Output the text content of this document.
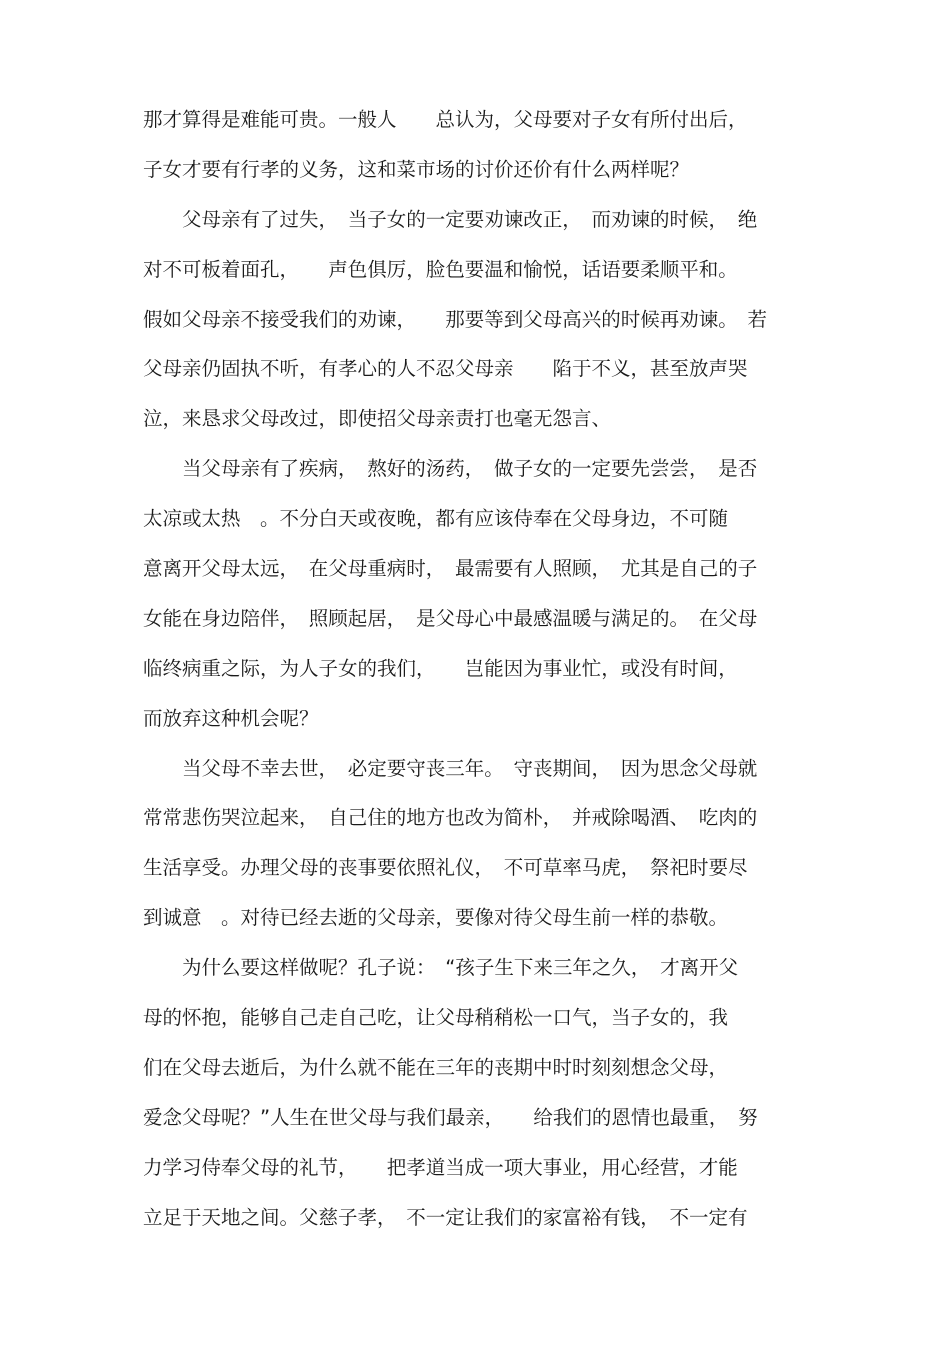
那才算得是难能可贵。一般人　　总认为，父母要对子女有所付出后，
子女才要有行孝的义务，这和菜市场的讨价还价有什么两样呢？
　　父母亲有了过失，　当子女的一定要劝谏改正，　而劝谏的时候，　绝
对不可板着面孔，　　声色俱厉，脸色要温和愉悦，话语要柔顺平和。
假如父母亲不接受我们的劝谏，　　那要等到父母高兴的时候再劝谏。　若
父母亲仍固执不听，有孝心的人不忍父母亲　　陷于不义，甚至放声哭
泣，来恳求父母改过，即使招父母亲责打也毫无怨言、
　　当父母亲有了疾病，　熬好的汤药，　做子女的一定要先尝尝，　是否
太凉或太热　。不分白天或夜晚，都有应该侍奉在父母身边，不可随
意离开父母太远，　在父母重病时，　最需要有人照顾，　尤其是自己的子
女能在身边陪伴，　照顾起居，　是父母心中最感温暖与满足的。　在父母
临终病重之际，为人子女的我们，　　岂能因为事业忙，或没有时间，
而放弃这种机会呢？
　　当父母不幸去世，　必定要守丧三年。　守丧期间，　因为思念父母就
常常悲伤哭泣起来，　自己住的地方也改为简朴，　并戒除喝酒、　吃肉的
生活享受。办理父母的丧事要依照礼仪，　不可草率马虎，　祭祀时要尽
到诚意　。对待已经去逝的父母亲，要像对待父母生前一样的恭敬。
　　为什么要这样做呢？孔子说：　“孩子生下来三年之久，　才离开父
母的怀抱，能够自己走自己吃，让父母稍稍松一口气，当子女的，我
们在父母去逝后，为什么就不能在三年的丧期中时时刻刻想念父母，
爱念父母呢？”人生在世父母与我们最亲，　　给我们的恩情也最重，　努
力学习侍奉父母的礼节，　　把孝道当成一项大事业，用心经营，才能
立足于天地之间。父慈子孝，　不一定让我们的家富裕有钱，　不一定有
